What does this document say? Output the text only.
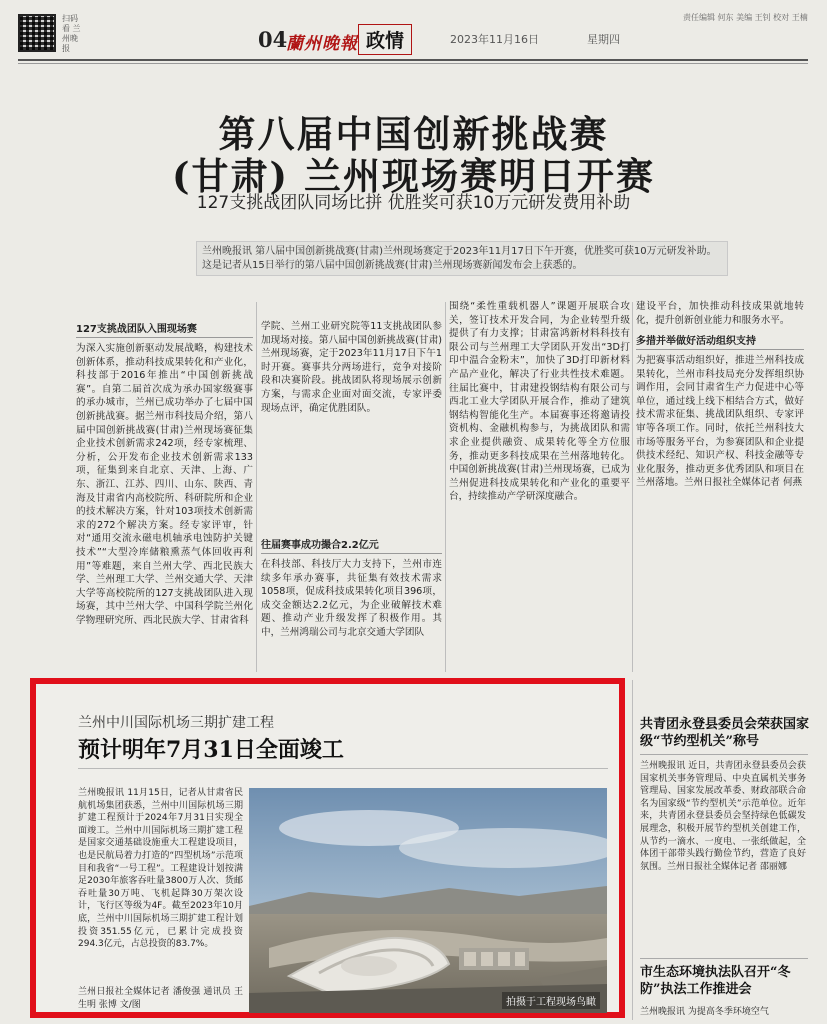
扫码看 兰州晚报	04
蘭州晚報 政情	2023年11月16日	星期四
责任编辑 何东 美编 王钊 校对 王楠
第八届中国创新挑战赛
(甘肃) 兰州现场赛明日开赛
127支挑战团队同场比拼 优胜奖可获10万元研发费用补助
兰州晚报讯 第八届中国创新挑战赛(甘肃)兰州现场赛定于2023年11月17日下午开赛，优胜奖可获10万元研发补助。这是记者从15日举行的第八届中国创新挑战赛(甘肃)兰州现场赛新闻发布会上获悉的。
127支挑战团队入围现场赛
为深入实施创新驱动发展战略，构建技术创新体系，推动科技成果转化和产业化，科技部于2016年推出“中国创新挑战赛”。自第二届首次成为承办国家级赛事的承办城市，兰州已成功举办了七届中国创新挑战赛。据兰州市科技局介绍，第八届中国创新挑战赛(甘肃)兰州现场赛征集企业技术创新需求242项，经专家梳理、分析，公开发布企业技术创新需求133项，征集到来自北京、天津、上海、广东、浙江、江苏、四川、山东、陕西、青海及甘肃省内高校院所、科研院所和企业的技术解决方案，针对103项技术创新需求的272个解决方案。经专家评审，针对“通用交流永磁电机轴承电蚀防护关键技术”“大型冷库储粮熏蒸气体回收再利用”等难题，来自兰州大学、西北民族大学、兰州理工大学、兰州交通大学、天津大学等高校院所的127支挑战团队进入现场赛，其中兰州大学、中国科学院兰州化学物理研究所、西北民族大学、甘肃省科
学院、兰州工业研究院等11支挑战团队参加现场对接。第八届中国创新挑战赛(甘肃)兰州现场赛，定于2023年11月17日下午1时开赛。赛事共分两场进行，竞争对接阶段和决赛阶段。挑战团队将现场展示创新方案，与需求企业面对面交流，专家评委现场点评，确定优胜团队。
往届赛事成功撮合2.2亿元
在科技部、科技厅大力支持下，兰州市连续多年承办赛事，共征集有效技术需求1058项，促成科技成果转化项目396项，成交金额达2.2亿元，为企业破解技术难题、推动产业升级发挥了积极作用。其中，兰州鸿瑞公司与北京交通大学团队
围绕“柔性重载机器人”课题开展联合攻关，签订技术开发合同，为企业转型升级提供了有力支撑；甘肃富鸿新材料科技有限公司与兰州理工大学团队开发出“3D打印中温合金粉末”，加快了3D打印新材料产品产业化，解决了行业共性技术难题。往届比赛中，甘肃建投钢结构有限公司与西北工业大学团队开展合作，推动了建筑钢结构智能化生产。本届赛事还将邀请投资机构、金融机构参与，为挑战团队和需求企业提供融资、成果转化等全方位服务，推动更多科技成果在兰州落地转化。中国创新挑战赛(甘肃)兰州现场赛，已成为兰州促进科技成果转化和产业化的重要平台，持续推动产学研深度融合。
建设平台，加快推动科技成果就地转化，提升创新创业能力和服务水平。
多措并举做好活动组织支持
为把赛事活动组织好，推进兰州科技成果转化，兰州市科技局充分发挥组织协调作用，会同甘肃省生产力促进中心等单位，通过线上线下相结合方式，做好技术需求征集、挑战团队组织、专家评审等各项工作。同时，依托兰州科技大市场等服务平台，为参赛团队和企业提供技术经纪、知识产权、科技金融等专业化服务，推动更多优秀团队和项目在兰州落地。兰州日报社全媒体记者 何燕
兰州中川国际机场三期扩建工程
预计明年7月31日全面竣工
兰州晚报讯 11月15日，记者从甘肃省民航机场集团获悉，兰州中川国际机场三期扩建工程预计于2024年7月31日实现全面竣工。兰州中川国际机场三期扩建工程是国家交通基础设施重大工程建设项目，也是民航局着力打造的“四型机场”示范项目和我省“一号工程”。工程建设计划按满足2030年旅客吞吐量3800万人次、货邮吞吐量30万吨、飞机起降30万架次设计，飞行区等级为4F。截至2023年10月底，兰州中川国际机场三期扩建工程计划投资351.55亿元，已累计完成投资294.3亿元，占总投资的83.7%。
兰州日报社全媒体记者 潘俊强 通讯员 王生明 张博 文/图	拍摄于工程现场鸟瞰
共青团永登县委员会荣获国家级“节约型机关”称号
兰州晚报讯 近日，共青团永登县委员会获国家机关事务管理局、中央直属机关事务管理局、国家发展改革委、财政部联合命名为国家级“节约型机关”示范单位。近年来，共青团永登县委员会坚持绿色低碳发展理念，积极开展节约型机关创建工作，从节约一滴水、一度电、一张纸做起，全体团干部带头践行勤俭节约，营造了良好氛围。兰州日报社全媒体记者 邵丽娜
市生态环境执法队召开“冬防”执法工作推进会
兰州晚报讯 为提高冬季环境空气
